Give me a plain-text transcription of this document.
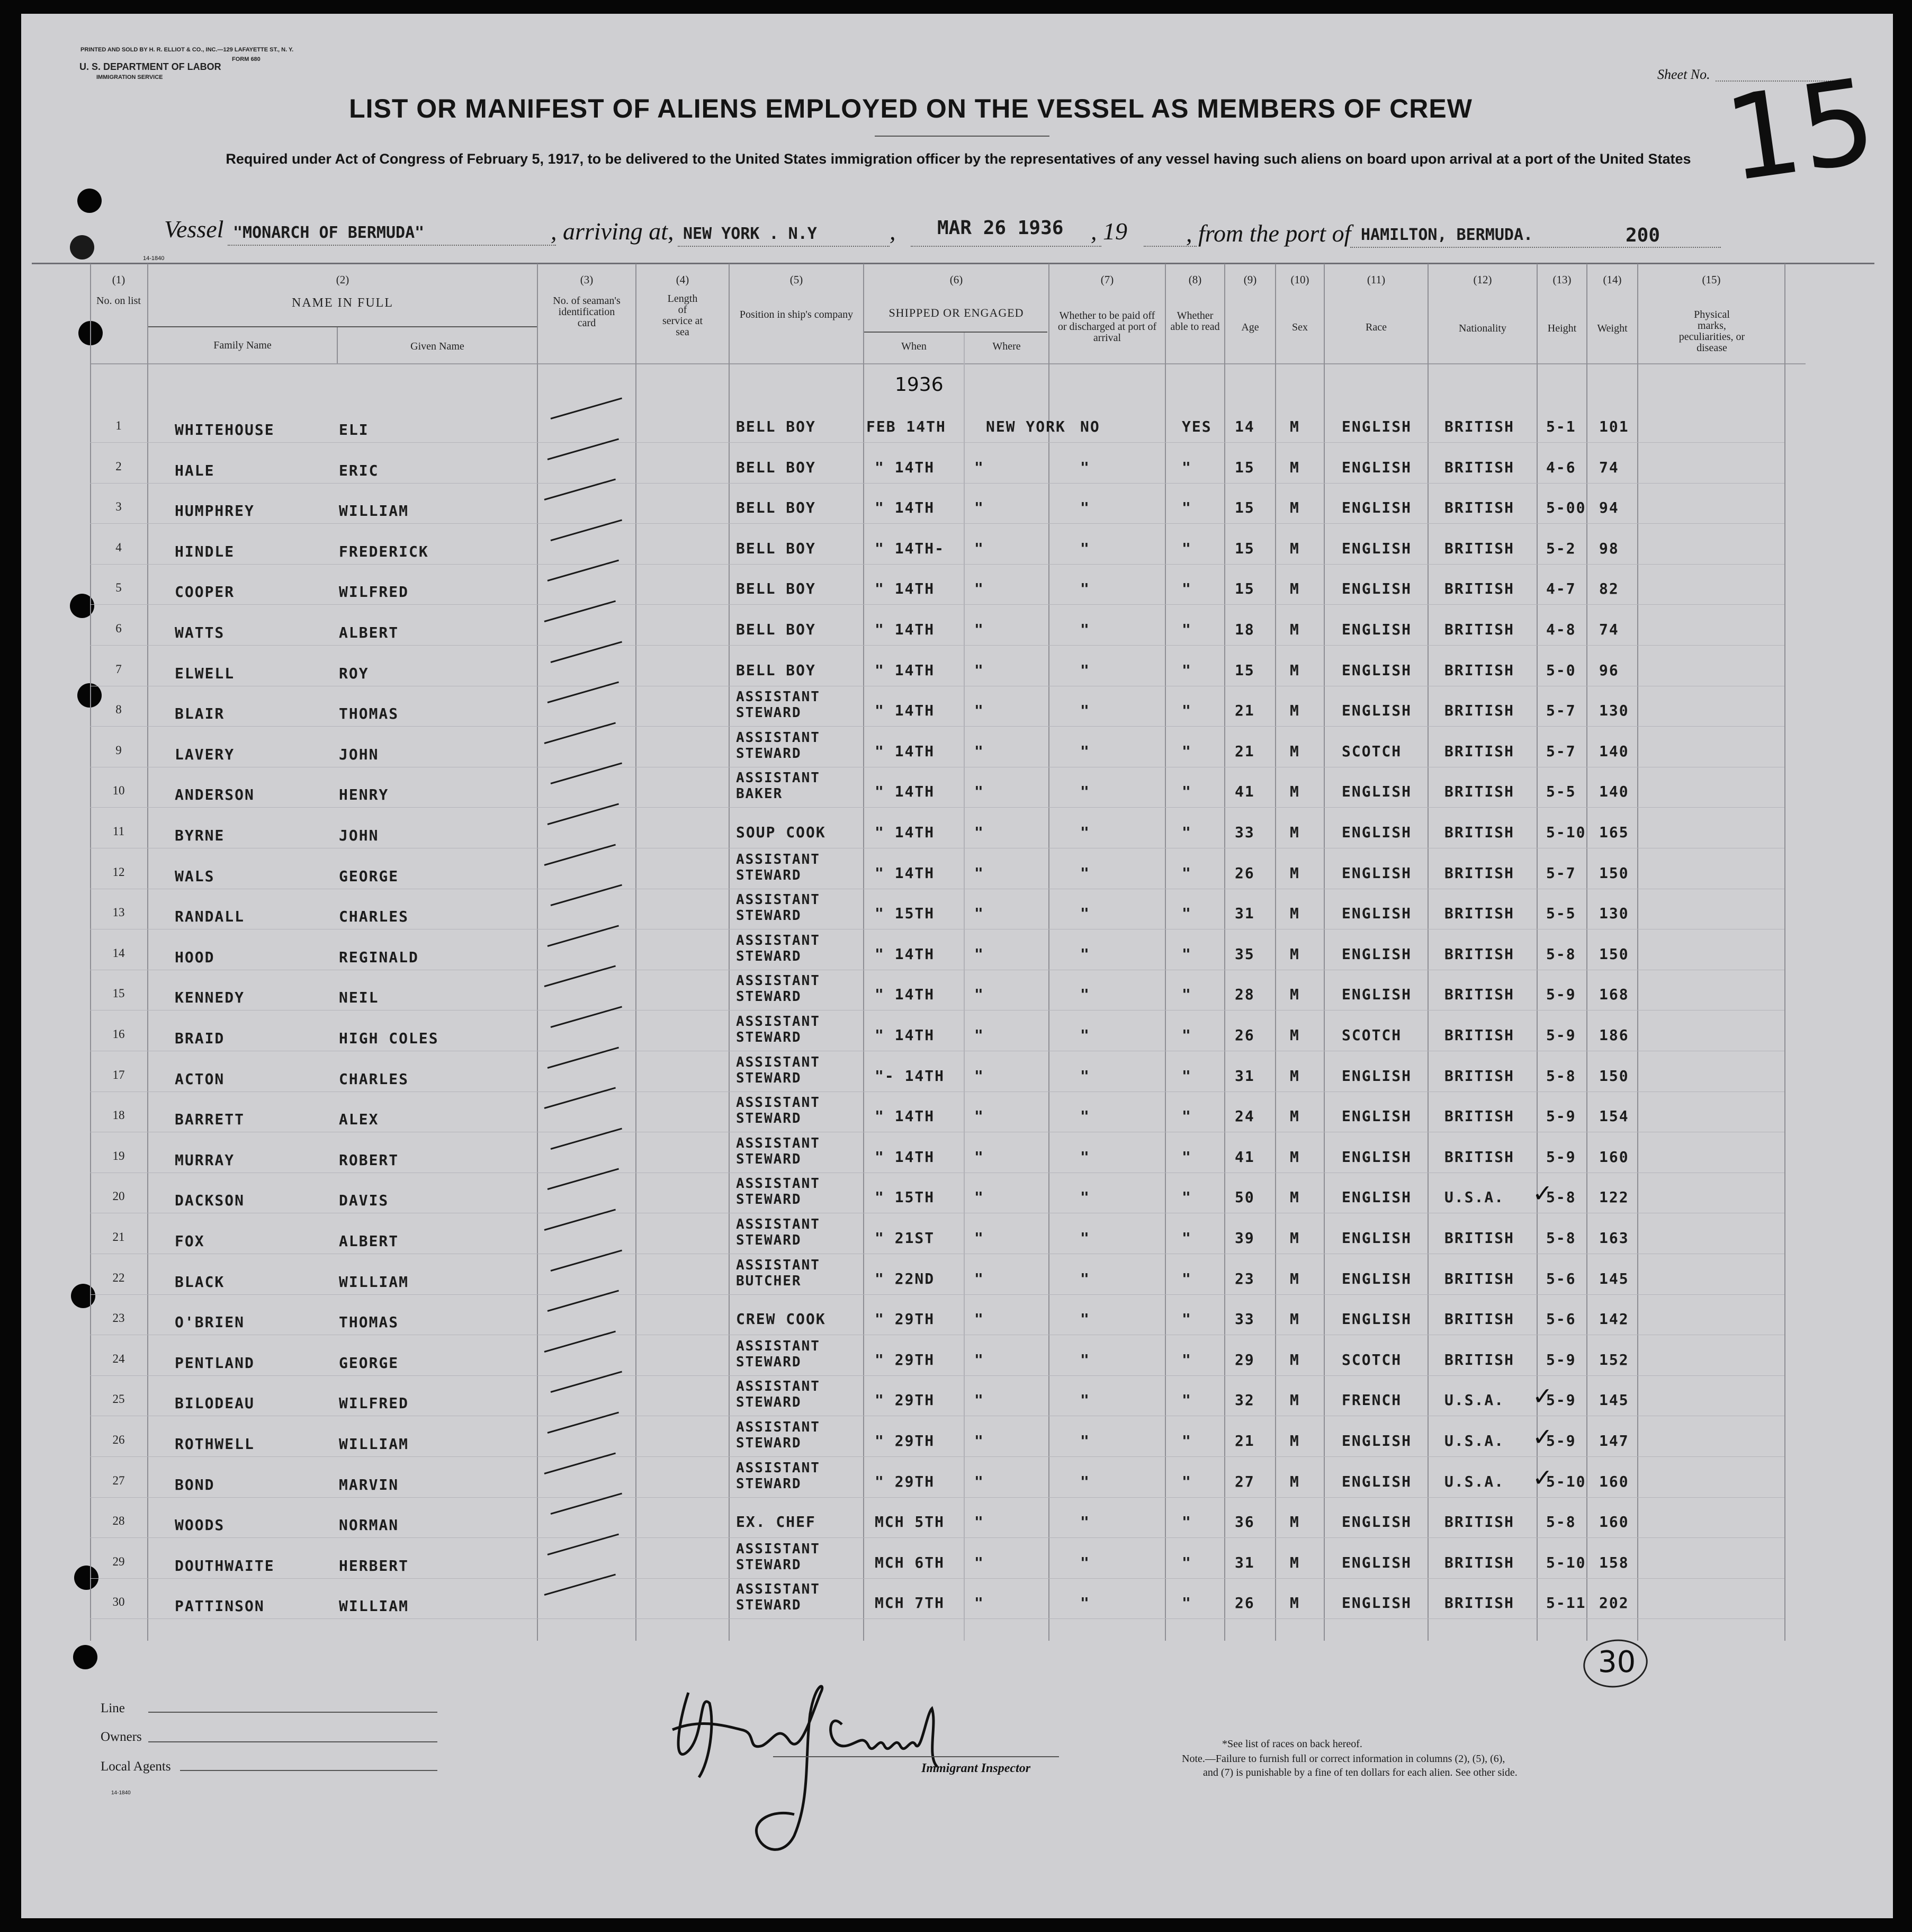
PRINTED AND SOLD BY H. R. ELLIOT & CO., INC.—129 LAFAYETTE ST., N. Y.
FORM 680
U. S. DEPARTMENT OF LABOR
IMMIGRATION SERVICE	Sheet No. 15
LIST OR MANIFEST OF ALIENS EMPLOYED ON THE VESSEL AS MEMBERS OF CREW
Required under Act of Congress of February 5, 1917, to be delivered to the United States immigration officer by the representatives of any vessel having such aliens on board upon arrival at a port of the United States
Vessel "MONARCH OF BERMUDA"	, arriving at, NEW YORK . N.Y	, MAR 26 1936 , 19 , from the port of HAMILTON, BERMUDA.	200
14-1840
(1)
No. on list
(2)
NAME IN FULL
Family Name	Given Name
(3)
No. of seaman's identification card
(4)
Length of service at sea
(5)
Position in ship's company
(6)
SHIPPED OR ENGAGED
When	Where
(7)
Whether to be paid off or discharged at port of arrival
(8)
Whether able to read
(9)
Age
(10)
Sex
(11)
Race
(12)
Nationality
(13)
Height
(14)
Weight
(15)
Physical marks, peculiarities, or disease
1936
1	WHITEHOUSE	ELI	BELL BOY	FEB 14TH	NEW YORK NO	YES 14 M	ENGLISH BRITISH 5-1 101
2	HALE	ERIC	BELL BOY	" 14TH	"	"	"	15 M	ENGLISH BRITISH 4-6 74
3	HUMPHREY	WILLIAM	BELL BOY	" 14TH	"	"	"	15 M	ENGLISH BRITISH 5-00 94
4	HINDLE	FREDERICK	BELL BOY	" 14TH- "	"	"	15 M	ENGLISH BRITISH 5-2 98
5	COOPER	WILFRED	BELL BOY	" 14TH	"	"	"	15 M	ENGLISH BRITISH 4-7 82
6	WATTS	ALBERT	BELL BOY	" 14TH	"	"	"	18 M	ENGLISH BRITISH 4-8 74
7	ELWELL	ROY	BELL BOY	" 14TH	"	"	"	15 M	ENGLISH BRITISH 5-0 96
8	BLAIR	THOMAS
ASSISTANT
STEWARD	" 14TH	"	"	"	21 M	ENGLISH BRITISH 5-7 130
9	LAVERY	JOHN
ASSISTANT
STEWARD	" 14TH	"	"	"	21 M	SCOTCH	BRITISH 5-7 140
10	ANDERSON	HENRY
ASSISTANT
BAKER	" 14TH	"	"	"	41 M	ENGLISH BRITISH 5-5 140
11	BYRNE	JOHN	SOUP COOK	" 14TH	"	"	"	33 M	ENGLISH BRITISH 5-10 165
12	WALS	GEORGE
ASSISTANT
STEWARD	" 14TH	"	"	"	26 M	ENGLISH BRITISH 5-7 150
13	RANDALL	CHARLES
ASSISTANT
STEWARD	" 15TH	"	"	"	31 M	ENGLISH BRITISH 5-5 130
14	HOOD	REGINALD
ASSISTANT
STEWARD	" 14TH	"	"	"	35 M	ENGLISH BRITISH 5-8 150
15	KENNEDY	NEIL
ASSISTANT
STEWARD	" 14TH	"	"	"	28 M	ENGLISH BRITISH 5-9 168
16	BRAID	HIGH COLES
ASSISTANT
STEWARD	" 14TH	"	"	"	26 M	SCOTCH	BRITISH 5-9 186
17	ACTON	CHARLES
ASSISTANT
STEWARD	"- 14TH "	"	"	31 M	ENGLISH BRITISH 5-8 150
18	BARRETT	ALEX
ASSISTANT
STEWARD	" 14TH	"	"	"	24 M	ENGLISH BRITISH 5-9 154
19	MURRAY	ROBERT
ASSISTANT
STEWARD	" 14TH	"	"	"	41 M	ENGLISH BRITISH 5-9 160
20	DACKSON	DAVIS
ASSISTANT
STEWARD	" 15TH	"	"	"	50 M	ENGLISH U.S.A.	5-8 122
✓
21	FOX	ALBERT
ASSISTANT
STEWARD	" 21ST	"	"	"	39 M	ENGLISH BRITISH 5-8 163
22	BLACK	WILLIAM
ASSISTANT
BUTCHER	" 22ND	"	"	"	23 M	ENGLISH BRITISH 5-6 145
23	O'BRIEN	THOMAS	CREW COOK	" 29TH	"	"	"	33 M	ENGLISH BRITISH 5-6 142
24	PENTLAND	GEORGE
ASSISTANT
STEWARD	" 29TH	"	"	"	29 M	SCOTCH	BRITISH 5-9 152
25	BILODEAU	WILFRED
ASSISTANT
STEWARD	" 29TH	"	"	"	32 M	FRENCH	U.S.A.	5-9 145
✓
26	ROTHWELL	WILLIAM
ASSISTANT
STEWARD	" 29TH	"	"	"	21 M	ENGLISH U.S.A.	5-9 147
✓
27	BOND	MARVIN
ASSISTANT
STEWARD	" 29TH	"	"	"	27 M	ENGLISH U.S.A.	5-10 160
✓
28	WOODS	NORMAN	EX. CHEF	MCH 5TH "	"	"	36 M	ENGLISH BRITISH 5-8 160
29	DOUTHWAITE	HERBERT
ASSISTANT
STEWARD	MCH 6TH "	"	"	31 M	ENGLISH BRITISH 5-10 158
30	PATTINSON	WILLIAM
ASSISTANT
STEWARD	MCH 7TH "	"	"	26 M	ENGLISH BRITISH 5-11 202
30
Line
Owners
Local Agents
14-1840
Herbert J. Conley
Immigrant Inspector
*See list of races on back hereof.
Note.—Failure to furnish full or correct information in columns (2), (5), (6),
and (7) is punishable by a fine of ten dollars for each alien. See other side.
